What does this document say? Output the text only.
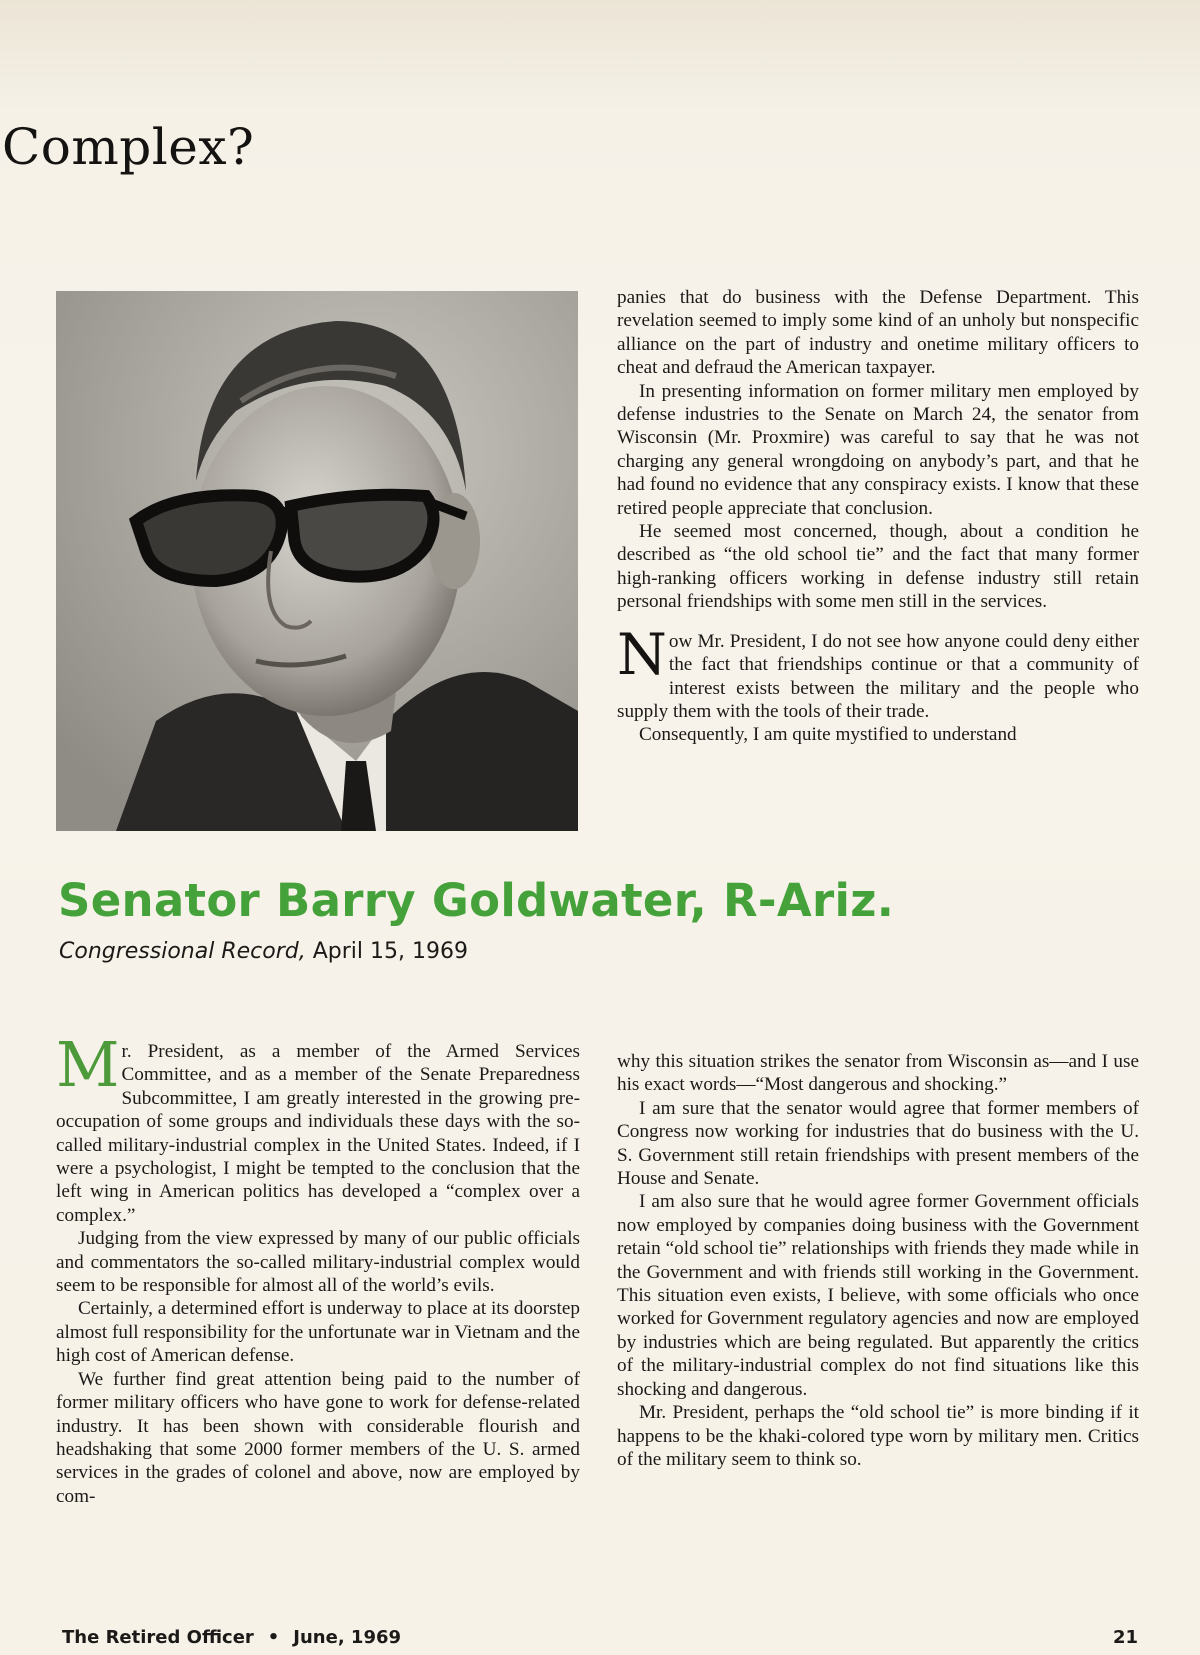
Complex?

panies that do business with the Defense Department. This revelation seemed to imply some kind of an unholy but nonspecific alliance on the part of industry and onetime military officers to cheat and defraud the American taxpayer.

In presenting information on former military men employed by defense industries to the Senate on March 24, the senator from Wisconsin (Mr. Proxmire) was careful to say that he was not charging any general wrongdoing on anybody’s part, and that he had found no evidence that any conspiracy exists. I know that these retired people appreciate that conclusion.

He seemed most concerned, though, about a condition he described as “the old school tie” and the fact that many former high-ranking officers working in defense industry still retain personal friendships with some men still in the services.

Now Mr. President, I do not see how anyone could deny either the fact that friendships continue or that a community of interest exists between the military and the people who supply them with the tools of their trade.

Consequently, I am quite mystified to understand

Senator Barry Goldwater, R-Ariz.
Congressional Record, April 15, 1969

Mr. President, as a member of the Armed Services Committee, and as a member of the Senate Preparedness Subcommittee, I am greatly interested in the growing preoccupation of some groups and individuals these days with the so-called military-industrial complex in the United States. Indeed, if I were a psychologist, I might be tempted to the conclusion that the left wing in American politics has developed a “complex over a complex.”

Judging from the view expressed by many of our public officials and commentators the so-called military-industrial complex would seem to be responsible for almost all of the world’s evils.

Certainly, a determined effort is underway to place at its doorstep almost full responsibility for the unfortunate war in Vietnam and the high cost of American defense.

We further find great attention being paid to the number of former military officers who have gone to work for defense-related industry. It has been shown with considerable flourish and headshaking that some 2000 former members of the U. S. armed services in the grades of colonel and above, now are employed by com-

why this situation strikes the senator from Wisconsin as—and I use his exact words—“Most dangerous and shocking.”

I am sure that the senator would agree that former members of Congress now working for industries that do business with the U. S. Government still retain friendships with present members of the House and Senate.

I am also sure that he would agree former Government officials now employed by companies doing business with the Government retain “old school tie” relationships with friends they made while in the Government and with friends still working in the Government. This situation even exists, I believe, with some officials who once worked for Government regulatory agencies and now are employed by industries which are being regulated. But apparently the critics of the military-industrial complex do not find situations like this shocking and dangerous.

Mr. President, perhaps the “old school tie” is more binding if it happens to be the khaki-colored type worn by military men. Critics of the military seem to think so.

The Retired Officer • June, 1969	21
